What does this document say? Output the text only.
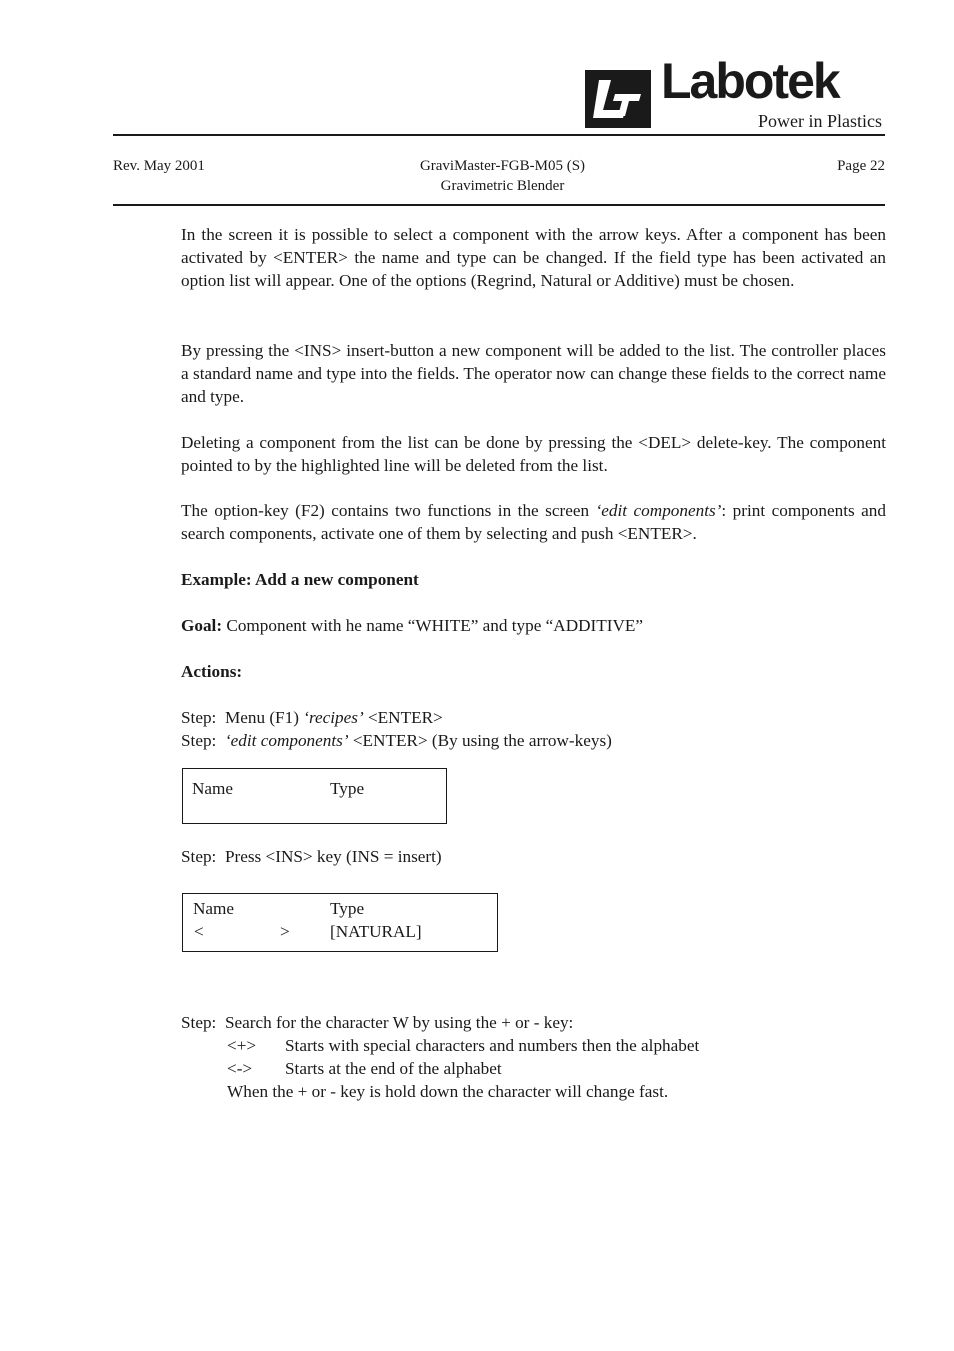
Labotek
Power in Plastics
Rev. May 2001	GraviMaster-FGB-M05 (S)
Gravimetric Blender
Page 22
In the screen it is possible to select a component with the arrow keys. After a component has been activated by <ENTER> the name and type can be changed. If the field type has been activated an option list will appear. One of the options (Regrind, Natural or Additive) must be chosen.
By pressing the <INS> insert-button a new component will be added to the list. The controller places a standard name and type into the fields. The operator now can change these fields to the correct name and type.
Deleting a component from the list can be done by pressing the <DEL> delete-key. The component pointed to by the highlighted line will be deleted from the list.
The option-key (F2) contains two functions in the screen ‘edit components’: print components and search components, activate one of them by selecting and push <ENTER>.
Example: Add a new component
Goal: Component with he name “WHITE” and type “ADDITIVE”
Actions:
Step: Menu (F1) ‘recipes’ <ENTER>
Step: ‘edit components’ <ENTER> (By using the arrow-keys)
Name	Type
Step: Press <INS> key (INS = insert)
Name	Type
<	> [NATURAL]
Step: Search for the character W by using the + or - key:
<+> Starts with special characters and numbers then the alphabet
<-> Starts at the end of the alphabet
When the + or - key is hold down the character will change fast.
